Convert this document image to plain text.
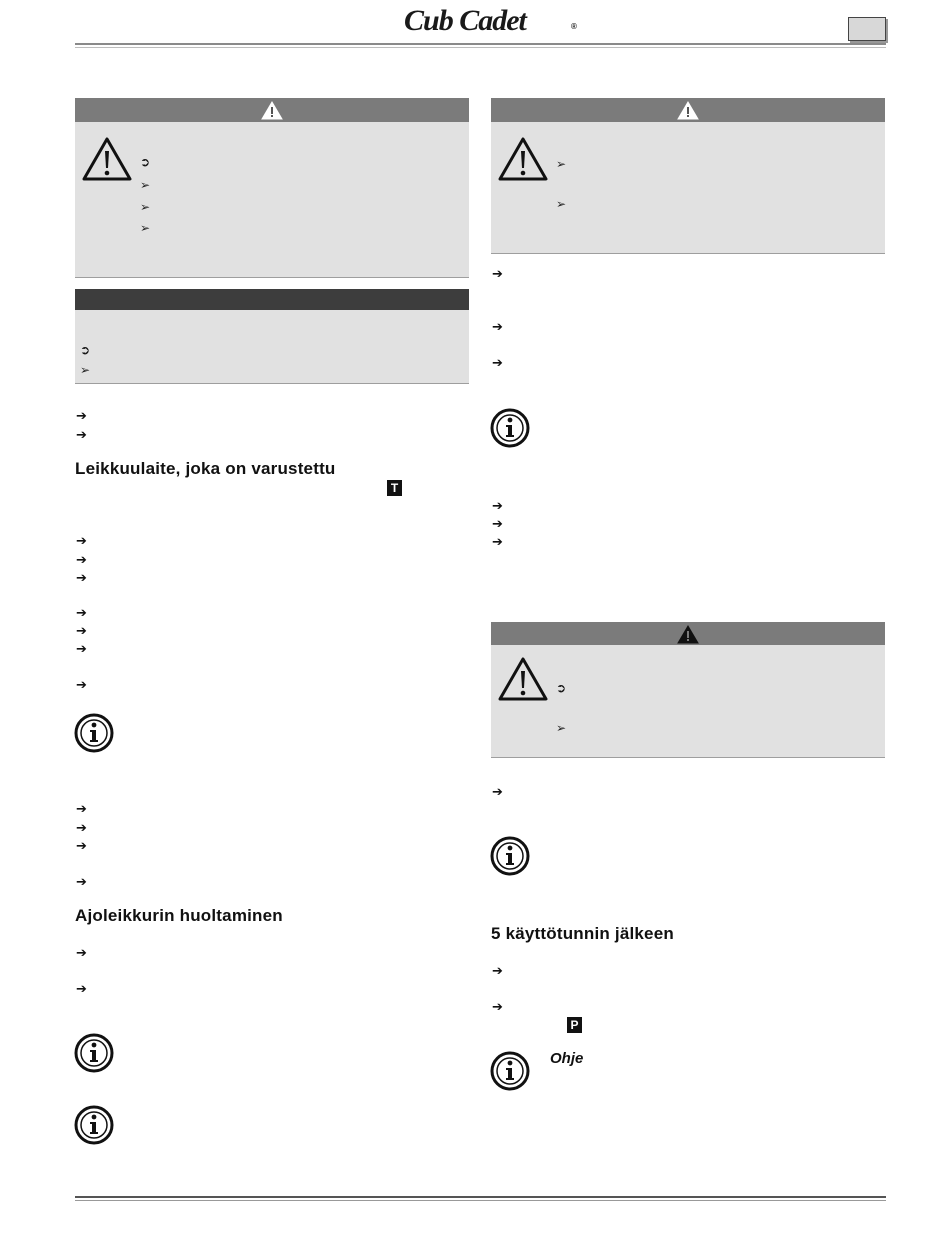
Cub Cadet	®
➲
➢
➢
➢
➲
➢
➔
➔
Leikkuulaite, joka on varustettu
T
➔
➔
➔
➔
➔
➔
➔
➔
➔
➔
➔
Ajoleikkurin huoltaminen
➔
➔
➢
➢
➔
➔
➔
➔
➔
➔
➲
➢
➔
5 käyttötunnin jälkeen
➔
➔
P
Ohje
